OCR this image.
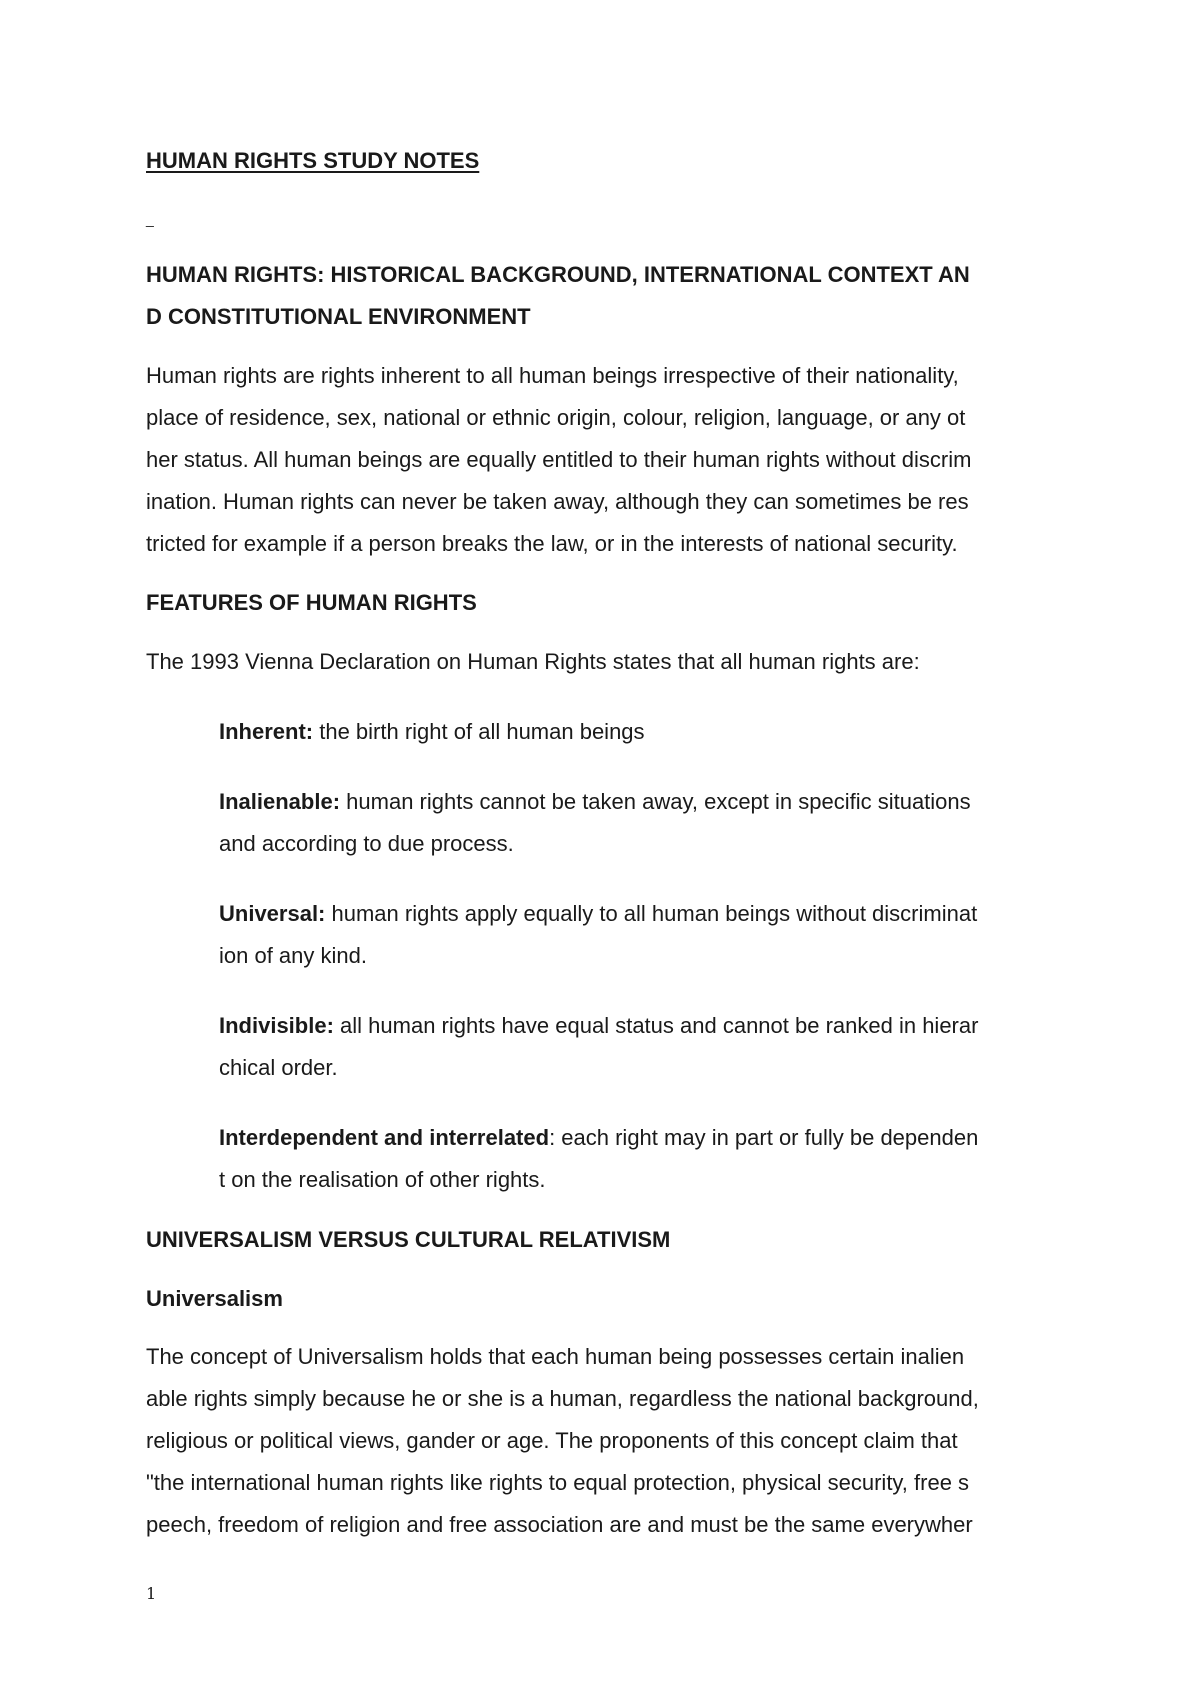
HUMAN RIGHTS STUDY NOTES
_
HUMAN RIGHTS: HISTORICAL BACKGROUND, INTERNATIONAL CONTEXT AN
D CONSTITUTIONAL ENVIRONMENT
Human rights are rights inherent to all human beings irrespective of their nationality,
place of residence, sex, national or ethnic origin, colour, religion, language, or any ot
her status. All human beings are equally entitled to their human rights without discrim
ination. Human rights can never be taken away, although they can sometimes be res
tricted for example if a person breaks the law, or in the interests of national security.
FEATURES OF HUMAN RIGHTS
The 1993 Vienna Declaration on Human Rights states that all human rights are:
Inherent: the birth right of all human beings
Inalienable: human rights cannot be taken away, except in specific situations
and according to due process.
Universal: human rights apply equally to all human beings without discriminat
ion of any kind.
Indivisible: all human rights have equal status and cannot be ranked in hierar
chical order.
Interdependent and interrelated: each right may in part or fully be dependen
t on the realisation of other rights.
UNIVERSALISM VERSUS CULTURAL RELATIVISM
Universalism
The concept of Universalism holds that each human being possesses certain inalien
able rights simply because he or she is a human, regardless the national background,
religious or political views, gander or age. The proponents of this concept claim that
"the international human rights like rights to equal protection, physical security, free s
peech, freedom of religion and free association are and must be the same everywher
1
